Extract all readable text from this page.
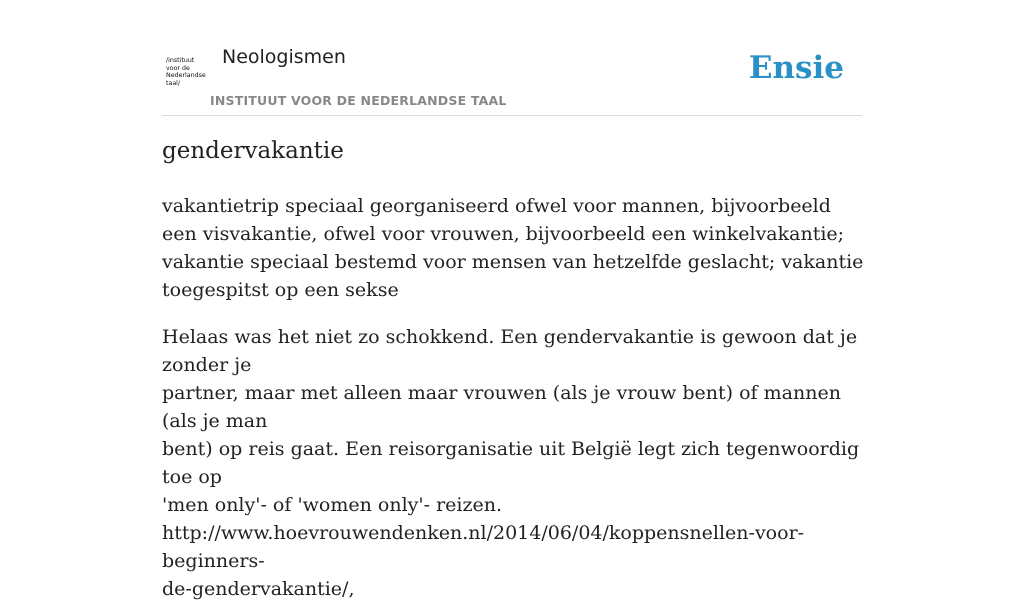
/instituut
voor de
Nederlandse
taal/
Neologismen
INSTITUUT VOOR DE NEDERLANDSE TAAL
Ensie
gendervakantie

vakantietrip speciaal georganiseerd ofwel voor mannen, bijvoorbeeld een visvakantie, ofwel voor vrouwen, bijvoorbeeld een winkelvakantie; vakantie speciaal bestemd voor mensen van hetzelfde geslacht; vakantie toegespitst op een sekse

Helaas was het niet zo schokkend. Een gendervakantie is gewoon dat je zonder je
partner, maar met alleen maar vrouwen (als je vrouw bent) of mannen (als je man
bent) op reis gaat. Een reisorganisatie uit België legt zich tegenwoordig toe op
'men only'- of 'women only'- reizen.
http://www.hoevrouwendenken.nl/2014/06/04/koppensnellen-voor-beginners-
de-gendervakantie/,
